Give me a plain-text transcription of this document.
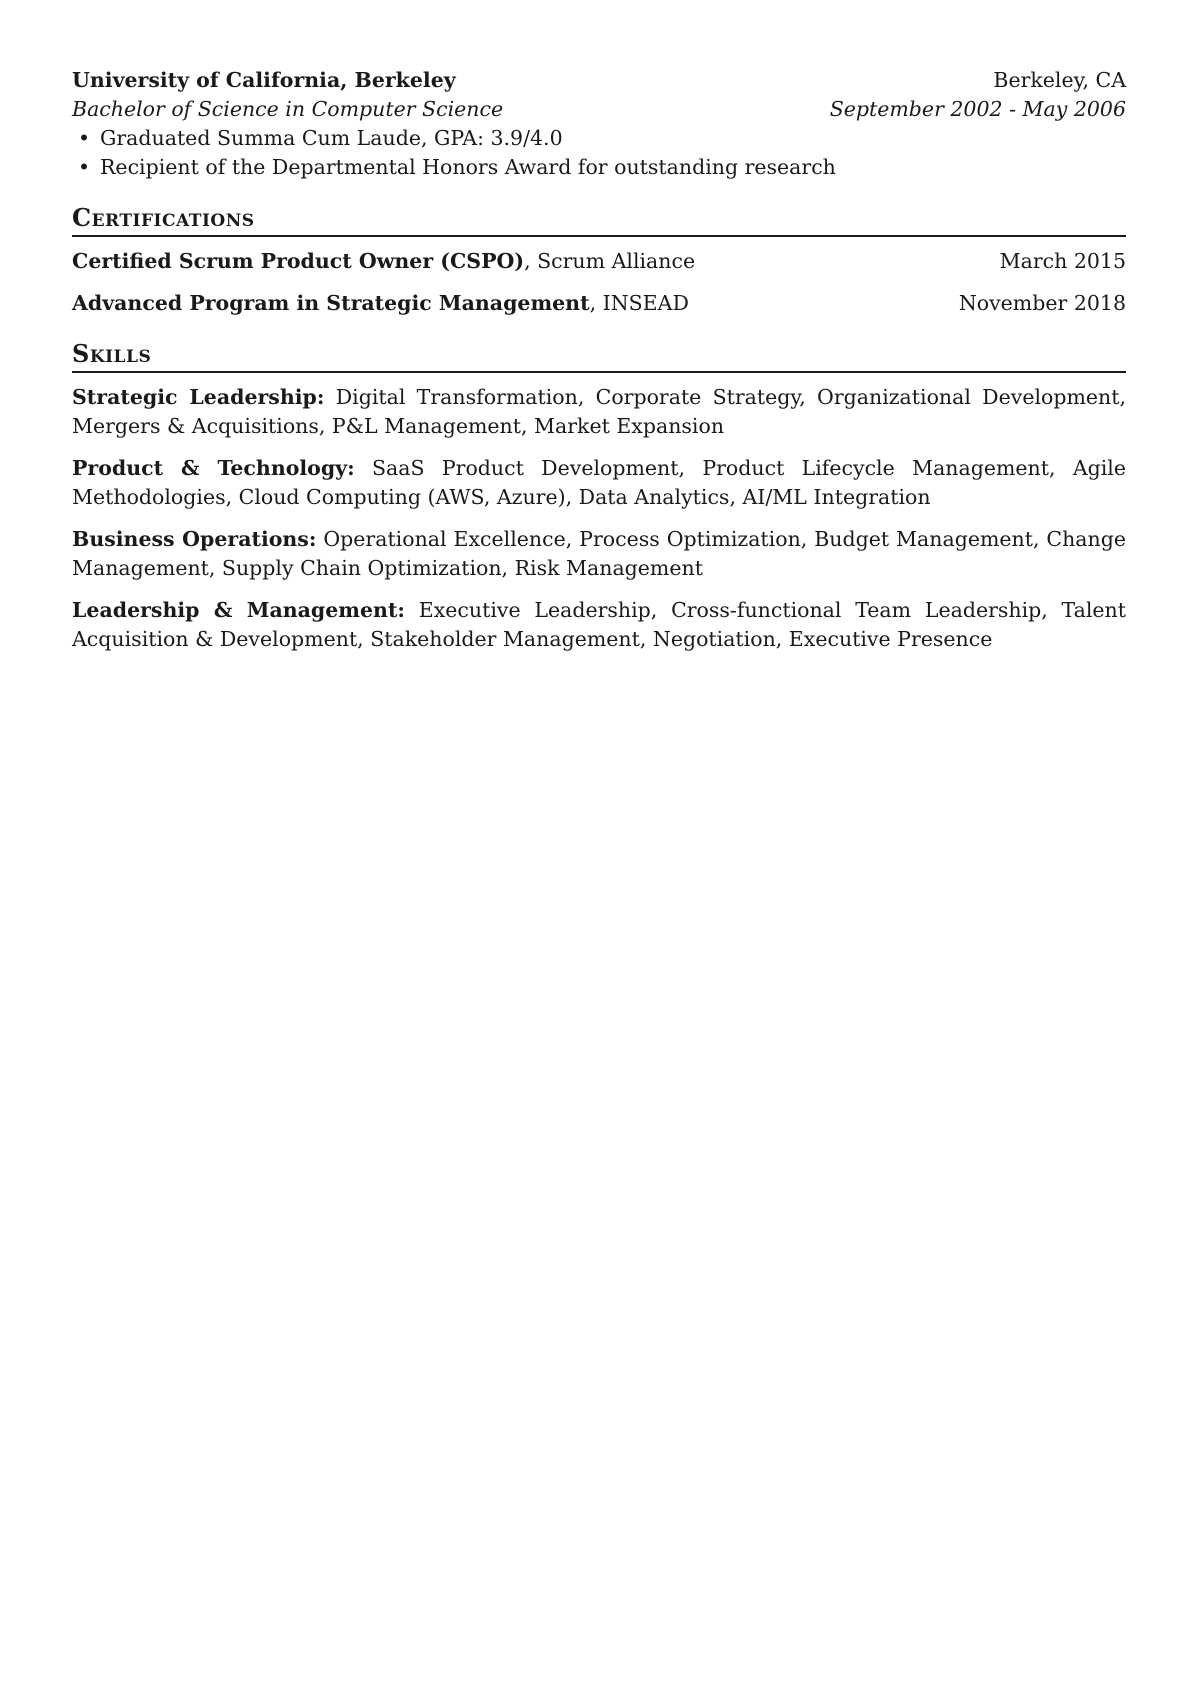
University of California, Berkeley	Berkeley, CA
Bachelor of Science in Computer Science	September 2002 - May 2006
• Graduated Summa Cum Laude, GPA: 3.9/4.0
• Recipient of the Departmental Honors Award for outstanding research
Certifications
Certified Scrum Product Owner (CSPO), Scrum Alliance	March 2015
Advanced Program in Strategic Management, INSEAD	November 2018
Skills
Strategic Leadership: Digital Transformation, Corporate Strategy, Organizational Development, Mergers & Acquisitions, P&L Management, Market Expansion
Product & Technology: SaaS Product Development, Product Lifecycle Management, Agile Methodologies, Cloud Computing (AWS, Azure), Data Analytics, AI/ML Integration
Business Operations: Operational Excellence, Process Optimization, Budget Management, Change Management, Supply Chain Optimization, Risk Management
Leadership & Management: Executive Leadership, Cross-functional Team Leadership, Talent Acquisition & Development, Stakeholder Management, Negotiation, Executive Presence
